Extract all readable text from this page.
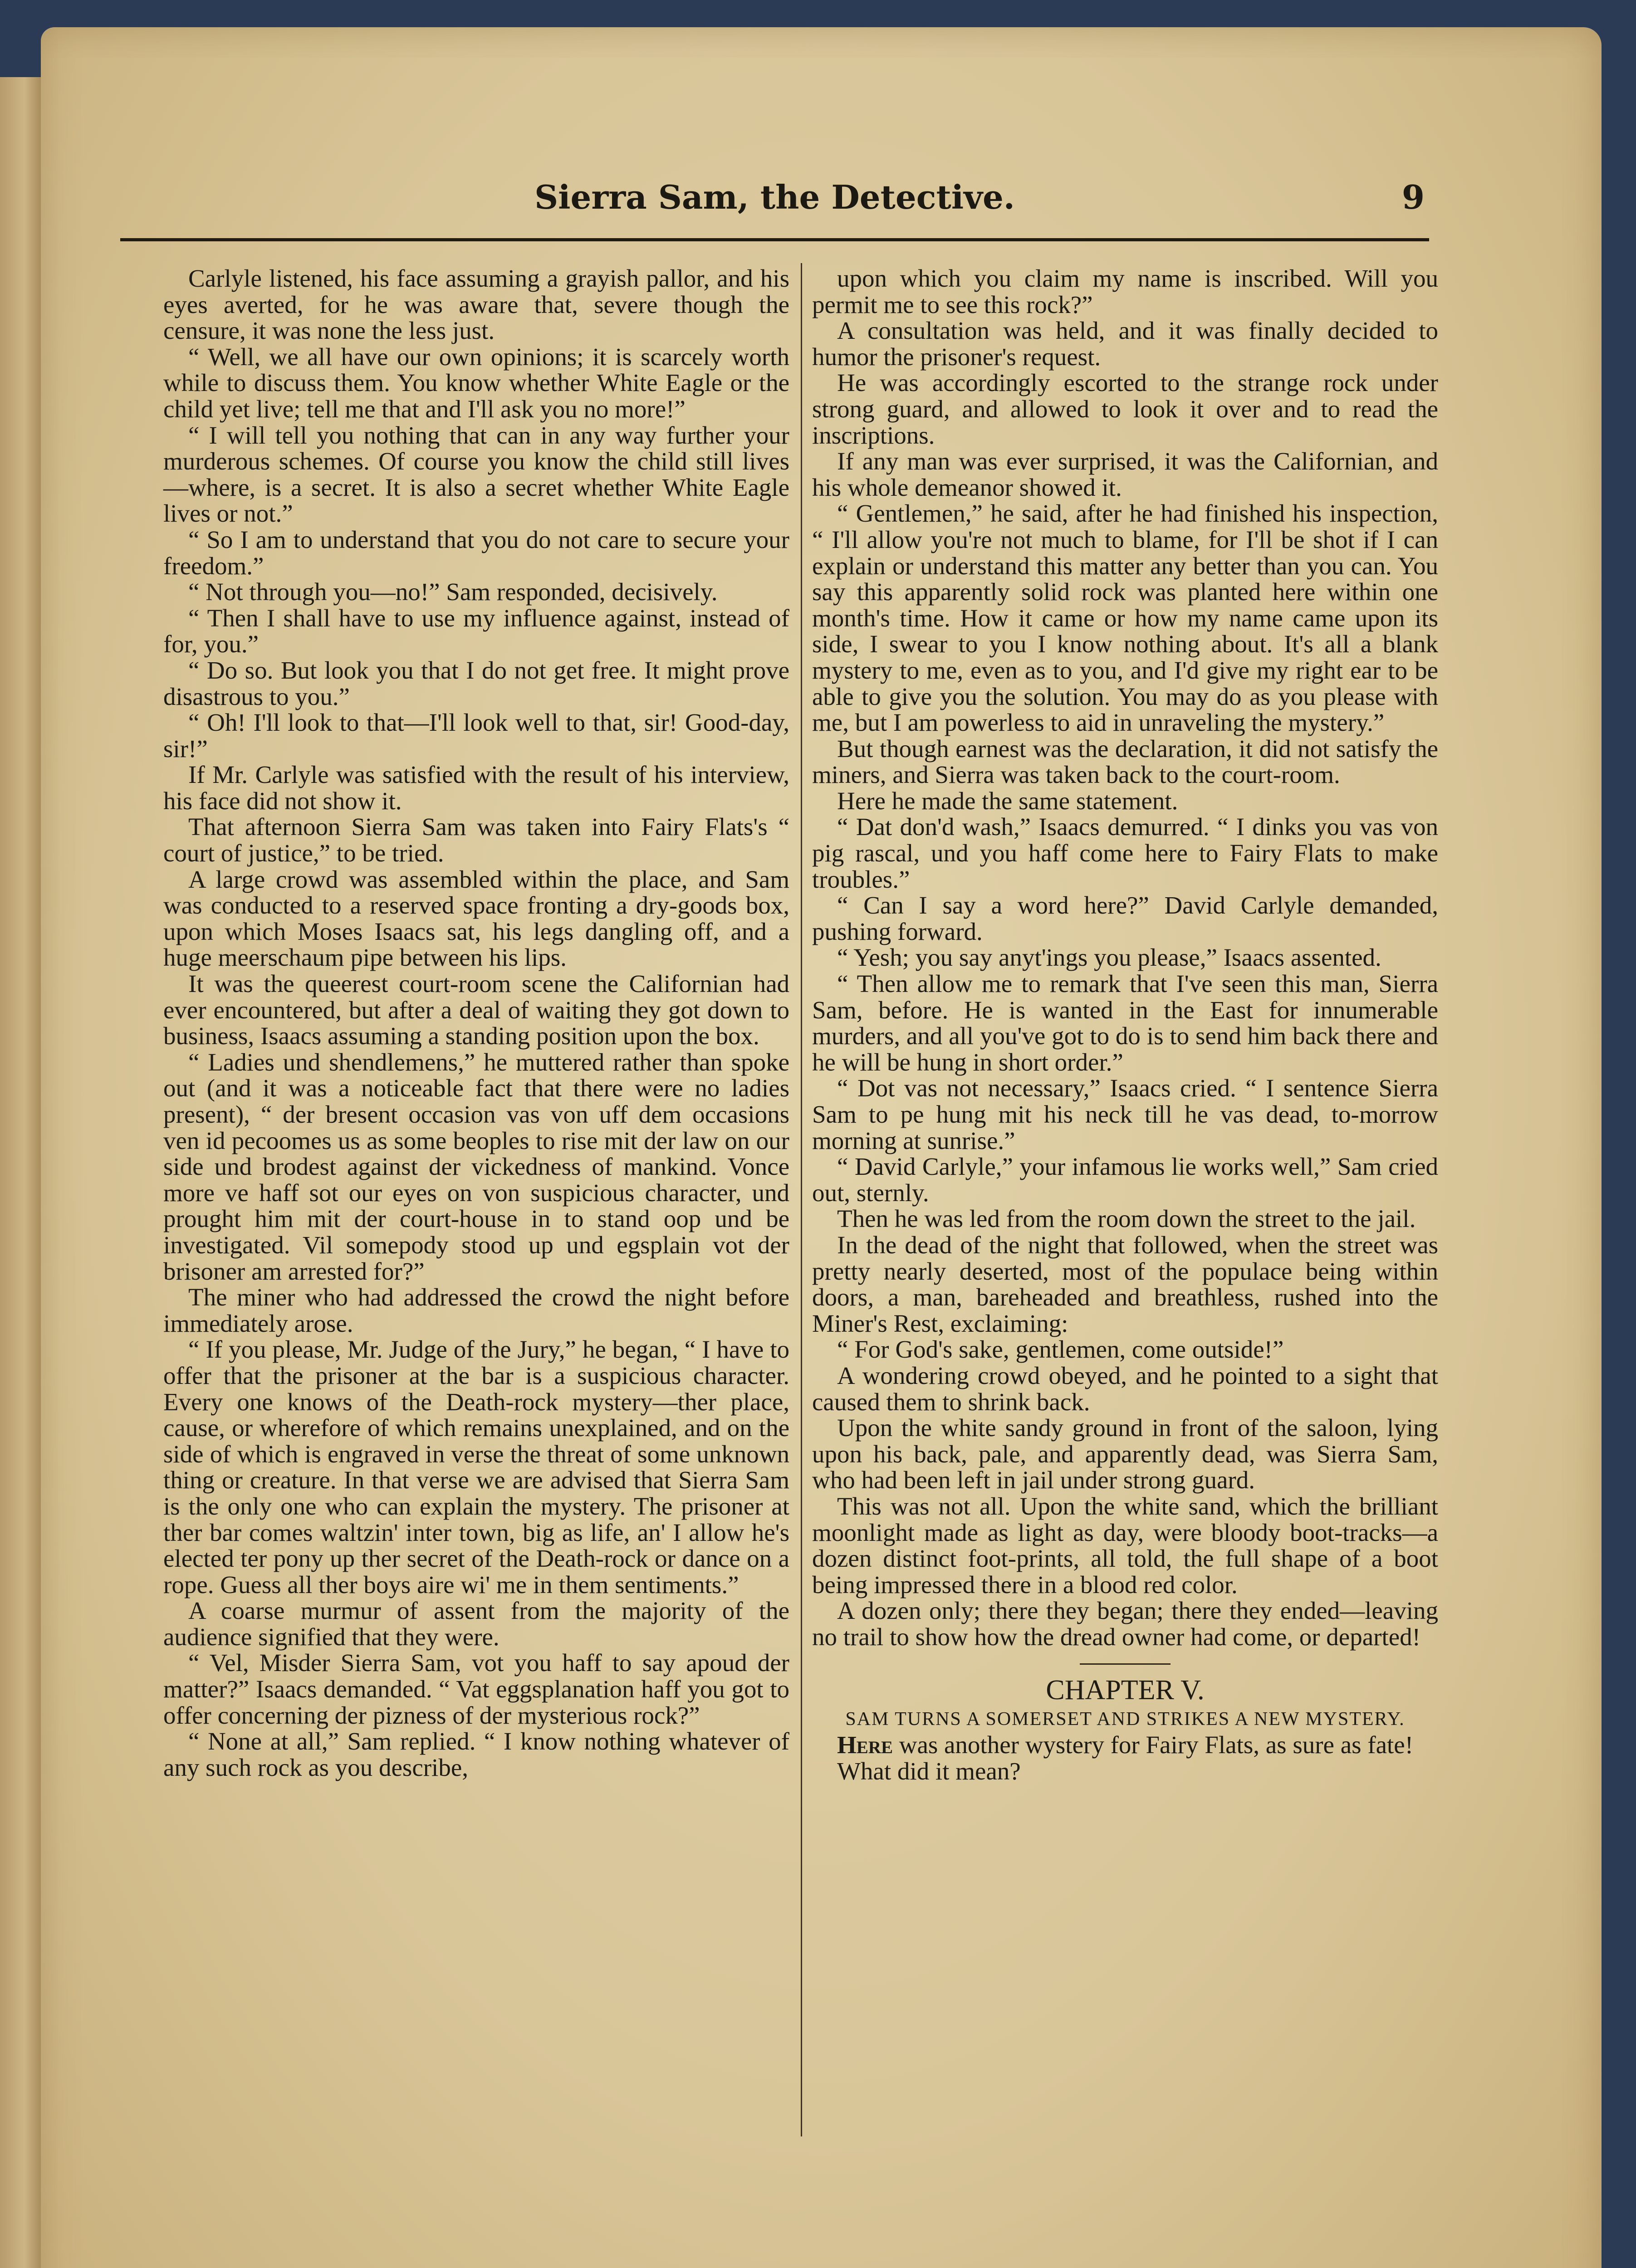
Sierra Sam, the Detective.	9

Carlyle listened, his face assuming a grayish pallor, and his eyes averted, for he was aware that, severe though the censure, it was none the less just.

“ Well, we all have our own opinions; it is scarcely worth while to discuss them. You know whether White Eagle or the child yet live; tell me that and I'll ask you no more!”

“ I will tell you nothing that can in any way further your murderous schemes. Of course you know the child still lives—where, is a secret. It is also a secret whether White Eagle lives or not.”

“ So I am to understand that you do not care to secure your freedom.”

“ Not through you—no!” Sam responded, decisively.

“ Then I shall have to use my influence against, instead of for, you.”

“ Do so. But look you that I do not get free. It might prove disastrous to you.”

“ Oh! I'll look to that—I'll look well to that, sir! Good-day, sir!”

If Mr. Carlyle was satisfied with the result of his interview, his face did not show it.

That afternoon Sierra Sam was taken into Fairy Flats's “ court of justice,” to be tried.

A large crowd was assembled within the place, and Sam was conducted to a reserved space fronting a dry-goods box, upon which Moses Isaacs sat, his legs dangling off, and a huge meerschaum pipe between his lips.

It was the queerest court-room scene the Californian had ever encountered, but after a deal of waiting they got down to business, Isaacs assuming a standing position upon the box.

“ Ladies und shendlemens,” he muttered rather than spoke out (and it was a noticeable fact that there were no ladies present), “ der bresent occasion vas von uff dem occasions ven id pecoomes us as some beoples to rise mit der law on our side und brodest against der vickedness of mankind. Vonce more ve haff sot our eyes on von suspicious character, und prought him mit der court-house in to stand oop und be investigated. Vil somepody stood up und egsplain vot der brisoner am arrested for?”

The miner who had addressed the crowd the night before immediately arose.

“ If you please, Mr. Judge of the Jury,” he began, “ I have to offer that the prisoner at the bar is a suspicious character. Every one knows of the Death-rock mystery—ther place, cause, or wherefore of which remains unexplained, and on the side of which is engraved in verse the threat of some unknown thing or creature. In that verse we are advised that Sierra Sam is the only one who can explain the mystery. The prisoner at ther bar comes waltzin' inter town, big as life, an' I allow he's elected ter pony up ther secret of the Death-rock or dance on a rope. Guess all ther boys aire wi' me in them sentiments.”

A coarse murmur of assent from the majority of the audience signified that they were.

“ Vel, Misder Sierra Sam, vot you haff to say apoud der matter?” Isaacs demanded. “ Vat eggsplanation haff you got to offer concerning der pizness of der mysterious rock?”

“ None at all,” Sam replied. “ I know nothing whatever of any such rock as you describe,

upon which you claim my name is inscribed. Will you permit me to see this rock?”

A consultation was held, and it was finally decided to humor the prisoner's request.

He was accordingly escorted to the strange rock under strong guard, and allowed to look it over and to read the inscriptions.

If any man was ever surprised, it was the Californian, and his whole demeanor showed it.

“ Gentlemen,” he said, after he had finished his inspection, “ I'll allow you're not much to blame, for I'll be shot if I can explain or understand this matter any better than you can. You say this apparently solid rock was planted here within one month's time. How it came or how my name came upon its side, I swear to you I know nothing about. It's all a blank mystery to me, even as to you, and I'd give my right ear to be able to give you the solution. You may do as you please with me, but I am powerless to aid in unraveling the mystery.”

But though earnest was the declaration, it did not satisfy the miners, and Sierra was taken back to the court-room.

Here he made the same statement.

“ Dat don'd wash,” Isaacs demurred. “ I dinks you vas von pig rascal, und you haff come here to Fairy Flats to make troubles.”

“ Can I say a word here?” David Carlyle demanded, pushing forward.

“ Yesh; you say anyt'ings you please,” Isaacs assented.

“ Then allow me to remark that I've seen this man, Sierra Sam, before. He is wanted in the East for innumerable murders, and all you've got to do is to send him back there and he will be hung in short order.”

“ Dot vas not necessary,” Isaacs cried. “ I sentence Sierra Sam to pe hung mit his neck till he vas dead, to-morrow morning at sunrise.”

“ David Carlyle,” your infamous lie works well,” Sam cried out, sternly.

Then he was led from the room down the street to the jail.

In the dead of the night that followed, when the street was pretty nearly deserted, most of the populace being within doors, a man, bareheaded and breathless, rushed into the Miner's Rest, exclaiming:

“ For God's sake, gentlemen, come outside!”

A wondering crowd obeyed, and he pointed to a sight that caused them to shrink back.

Upon the white sandy ground in front of the saloon, lying upon his back, pale, and apparently dead, was Sierra Sam, who had been left in jail under strong guard.

This was not all. Upon the white sand, which the brilliant moonlight made as light as day, were bloody boot-tracks—a dozen distinct foot-prints, all told, the full shape of a boot being impressed there in a blood red color.

A dozen only; there they began; there they ended—leaving no trail to show how the dread owner had come, or departed!

CHAPTER V.

SAM TURNS A SOMERSET AND STRIKES A NEW MYSTERY.

Here was another wystery for Fairy Flats, as sure as fate!

What did it mean?
